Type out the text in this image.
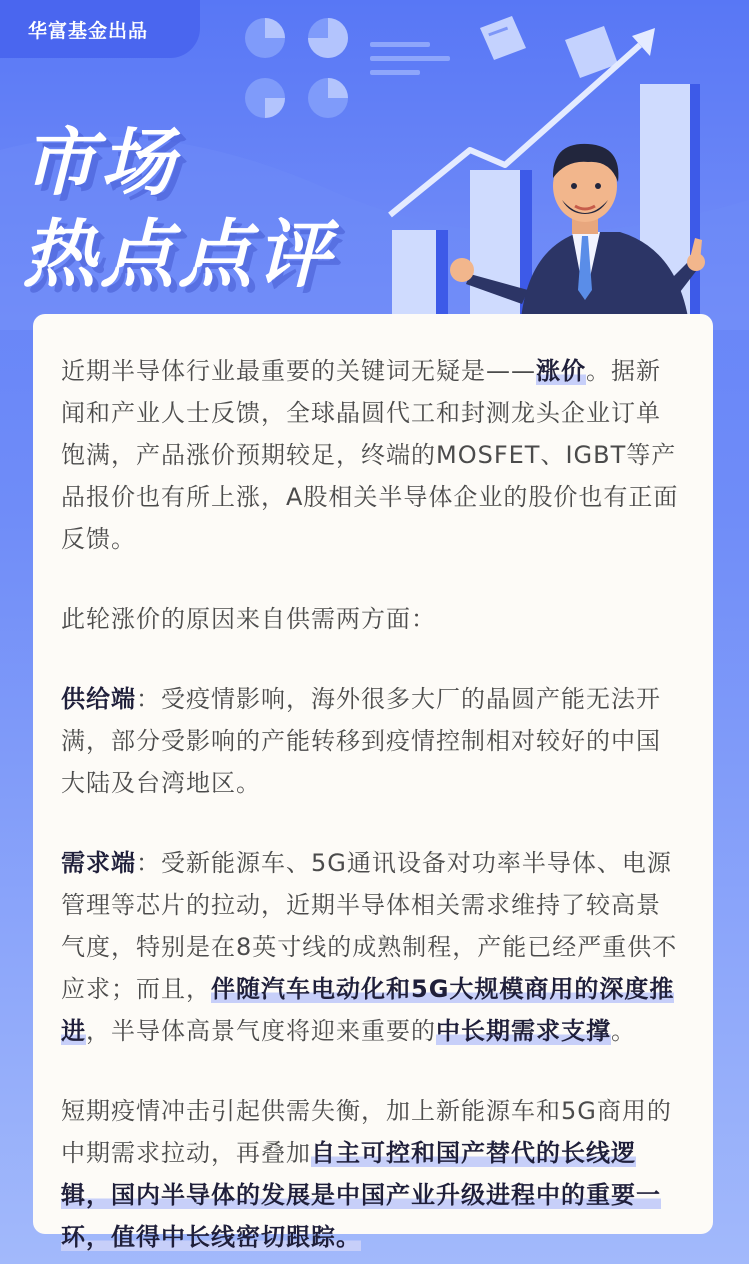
华富基金出品
市场
热点点评

近期半导体行业最重要的关键词无疑是——涨价。据新闻和产业人士反馈，全球晶圆代工和封测龙头企业订单饱满，产品涨价预期较足，终端的MOSFET、IGBT等产品报价也有所上涨，A股相关半导体企业的股价也有正面反馈。

此轮涨价的原因来自供需两方面：

供给端：受疫情影响，海外很多大厂的晶圆产能无法开满，部分受影响的产能转移到疫情控制相对较好的中国大陆及台湾地区。

需求端：受新能源车、5G通讯设备对功率半导体、电源管理等芯片的拉动，近期半导体相关需求维持了较高景气度，特别是在8英寸线的成熟制程，产能已经严重供不应求；而且，伴随汽车电动化和5G大规模商用的深度推进，半导体高景气度将迎来重要的中长期需求支撑。

短期疫情冲击引起供需失衡，加上新能源车和5G商用的中期需求拉动，再叠加自主可控和国产替代的长线逻辑，国内半导体的发展是中国产业升级进程中的重要一环，值得中长线密切跟踪。
